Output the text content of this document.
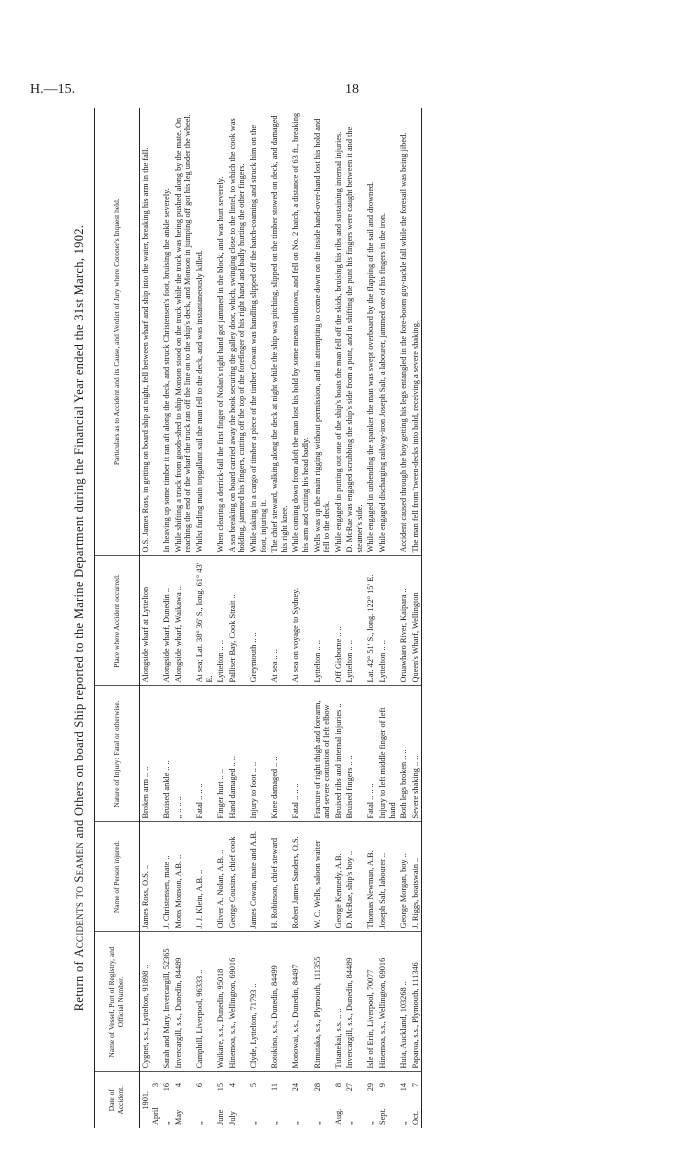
H.—15.	18
Return of Accidents to Seamen and Others on board Ship reported to the Marine Department during the Financial Year ended the 31st March, 1902.
Date of Accident.	Name of Vessel, Port of Registry, and Official Number.	Name of Person injured.	Nature of Injury: Fatal or otherwise.	Place where Accident occurred.	Particulars as to Accident and its Cause, and Verdict of Jury where Coroner's Inquest held.

1901.
April3	Cygnet, s.s., Lyttelton, 91898 ..	James Ross, O.S. ..	Broken arm .. ..	Alongside wharf at Lyttelton	O.S. James Ross, in getting on board ship at night, fell between wharf and ship into the water, breaking his arm in the fall.

„16	Sarah and Mary, Invercargill, 52365	J. Christensen, mate ..	Bruised ankle .. ..	Alongside wharf, Dunedin ..	In heaving up some timber it ran aft along the deck, and struck Christensen's foot, bruising the ankle severely.

May4	Invercargill, s.s., Dunedin, 84489	Mons Monson, A.B. ..	„ .. .. ..	Alongside wharf, Waikawa ..	While shifting a truck from goods-shed to ship Monson stood on the truck while the truck was being pushed along by the mate. On reaching the end of the wharf the truck ran off the line on to the ship's deck, and Monson in jumping off got his leg under the wheel.

„6	Camphill, Liverpool, 96333 ..	J. J. Klein, A.B. ..	Fatal .. .. ..	At sea; Lat. 38° 36′ S., long. 61° 43′ E.	Whilst furling main topgallant sail the man fell to the deck, and was instantaneously killed.

June15	Waikare, s.s., Dunedin, 95018	Oliver A. Nolan, A.B. ..	Finger hurt .. ..	Lyttelton .. ..	When clearing a derrick-fall the first finger of Nolan's right hand got jammed in the block, and was hurt severely.

July4	Hinemoa, s.s., Wellington, 69016	George Cousins, chief cook	Hand damaged .. ..	Palliser Bay, Cook Strait ..	A sea breaking on board carried away the hook securing the galley door, which, swinging close to the lintel, to which the cook was holding, jammed his fingers, cutting off the top of the forefinger of his right hand and badly hurting the other fingers.

„5	Clyde, Lyttelton, 71793 ..	James Cowan, mate and A.B.	Injury to foot .. ..	Greymouth .. ..	While taking in a cargo of timber a piece of the timber Cowan was handling slipped off the hatch-coaming and struck him on the foot, injuring it.

„11	Rotokino, s.s., Dunedin, 84499	H. Robinson, chief steward	Knee damaged .. ..	At sea .. ..	The chief steward, walking along the deck at night while the ship was pitching, slipped on the timber stowed on deck, and damaged his right knee.

„24	Monowai, s.s., Dunedin, 84497	Robert James Sanders, O.S.	Fatal .. .. ..	At sea on voyage to Sydney.	While coming down from aloft the man lost his hold by some means unknown, and fell on No. 2 hatch, a distance of 63 ft., breaking his arm and cutting his head badly.

„28	Rimutaka, s.s., Plymouth, 111355	W. C. Wells, saloon waiter	Fracture of right thigh and forearm, and severe contusion of left elbow	Lyttelton .. ..	Wells was up the main rigging without permission, and in attempting to come down on the inside hand-over-hand lost his hold and fell to the deck.

Aug.8	Tutanekai, s.s. .. ..	George Kennedy, A.B.	Bruised ribs and internal injuries ..	Off Gisborne .. ..	While engaged in putting out one of the ship's boats the man fell off the skids, bruising his ribs and sustaining internal injuries.

„27	Invercargill, s.s., Dunedin, 84489	D. McRae, ship's boy ..	Bruised fingers .. ..	Lyttelton .. ..	D. McRae was engaged scrubbing the ship's side from a punt, and in shifting the punt his fingers were caught between it and the steamer's side.

„29	Isle of Erin, Liverpool, 70077	Thomas Newman, A.B.	Fatal .. .. ..	Lat. 42° 51′ S., long. 122° 15′ E.	While engaged in unbending the spanker the man was swept overboard by the flapping of the sail and drowned.

Sept.9	Hinemoa, s.s., Wellington, 69016	Joseph Salt, labourer ..	Injury to left middle finger of left hand	Lyttelton .. ..	While engaged discharging railway-iron Joseph Salt, a labourer, jammed one of his fingers in the iron.

„14	Huia, Auckland, 103268 ..	George Morgan, boy ..	Both legs broken .. ..	Oruawharo River, Kaipara ..	Accident caused through the boy getting his legs entangled in the fore-boom guy-tackle fall while the foresail was being jibed.

Oct.7	Paparoa, s.s., Plymouth, 111346	J. Riggs, boatswain ..	Severe shaking .. ..	Queen's Wharf, Wellington	The man fell from 'tween-decks into hold, receiving a severe shaking.
